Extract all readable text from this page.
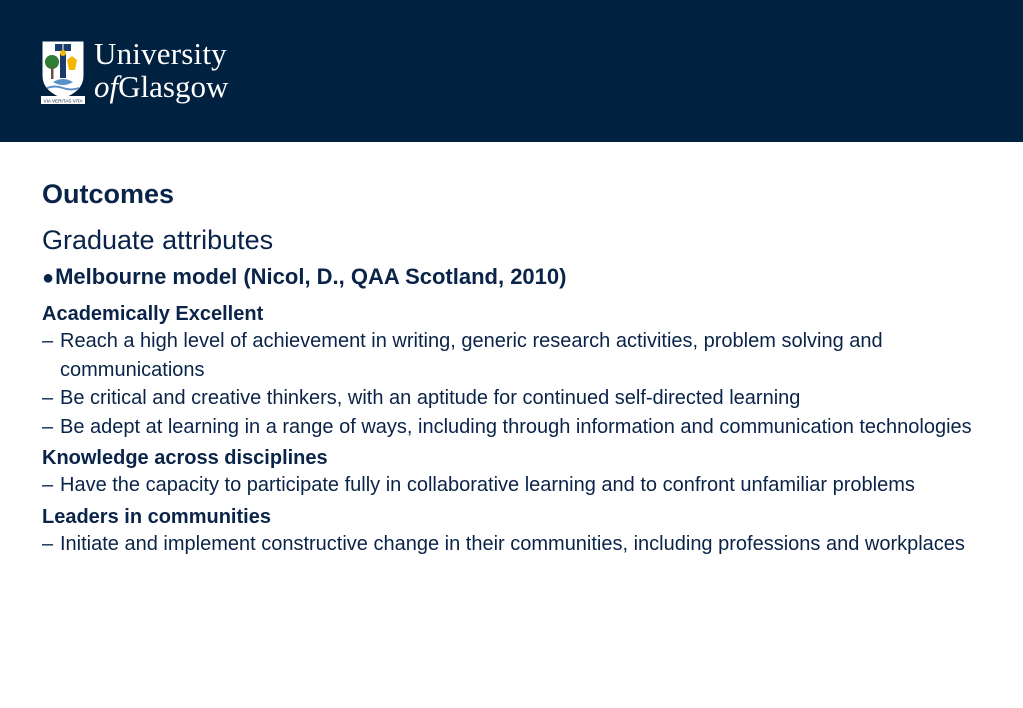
VIA VERITAS VITA
University
ofGlasgow
Outcomes
Graduate attributes
● Melbourne model (Nicol, D., QAA Scotland, 2010)
Academically Excellent
– Reach a high level of achievement in writing, generic research activities, problem solving and communications
– Be critical and creative thinkers, with an aptitude for continued self-directed learning
– Be adept at learning in a range of ways, including through information and communication technologies
Knowledge across disciplines
– Have the capacity to participate fully in collaborative learning and to confront unfamiliar problems
Leaders in communities
– Initiate and implement constructive change in their communities, including professions and workplaces
